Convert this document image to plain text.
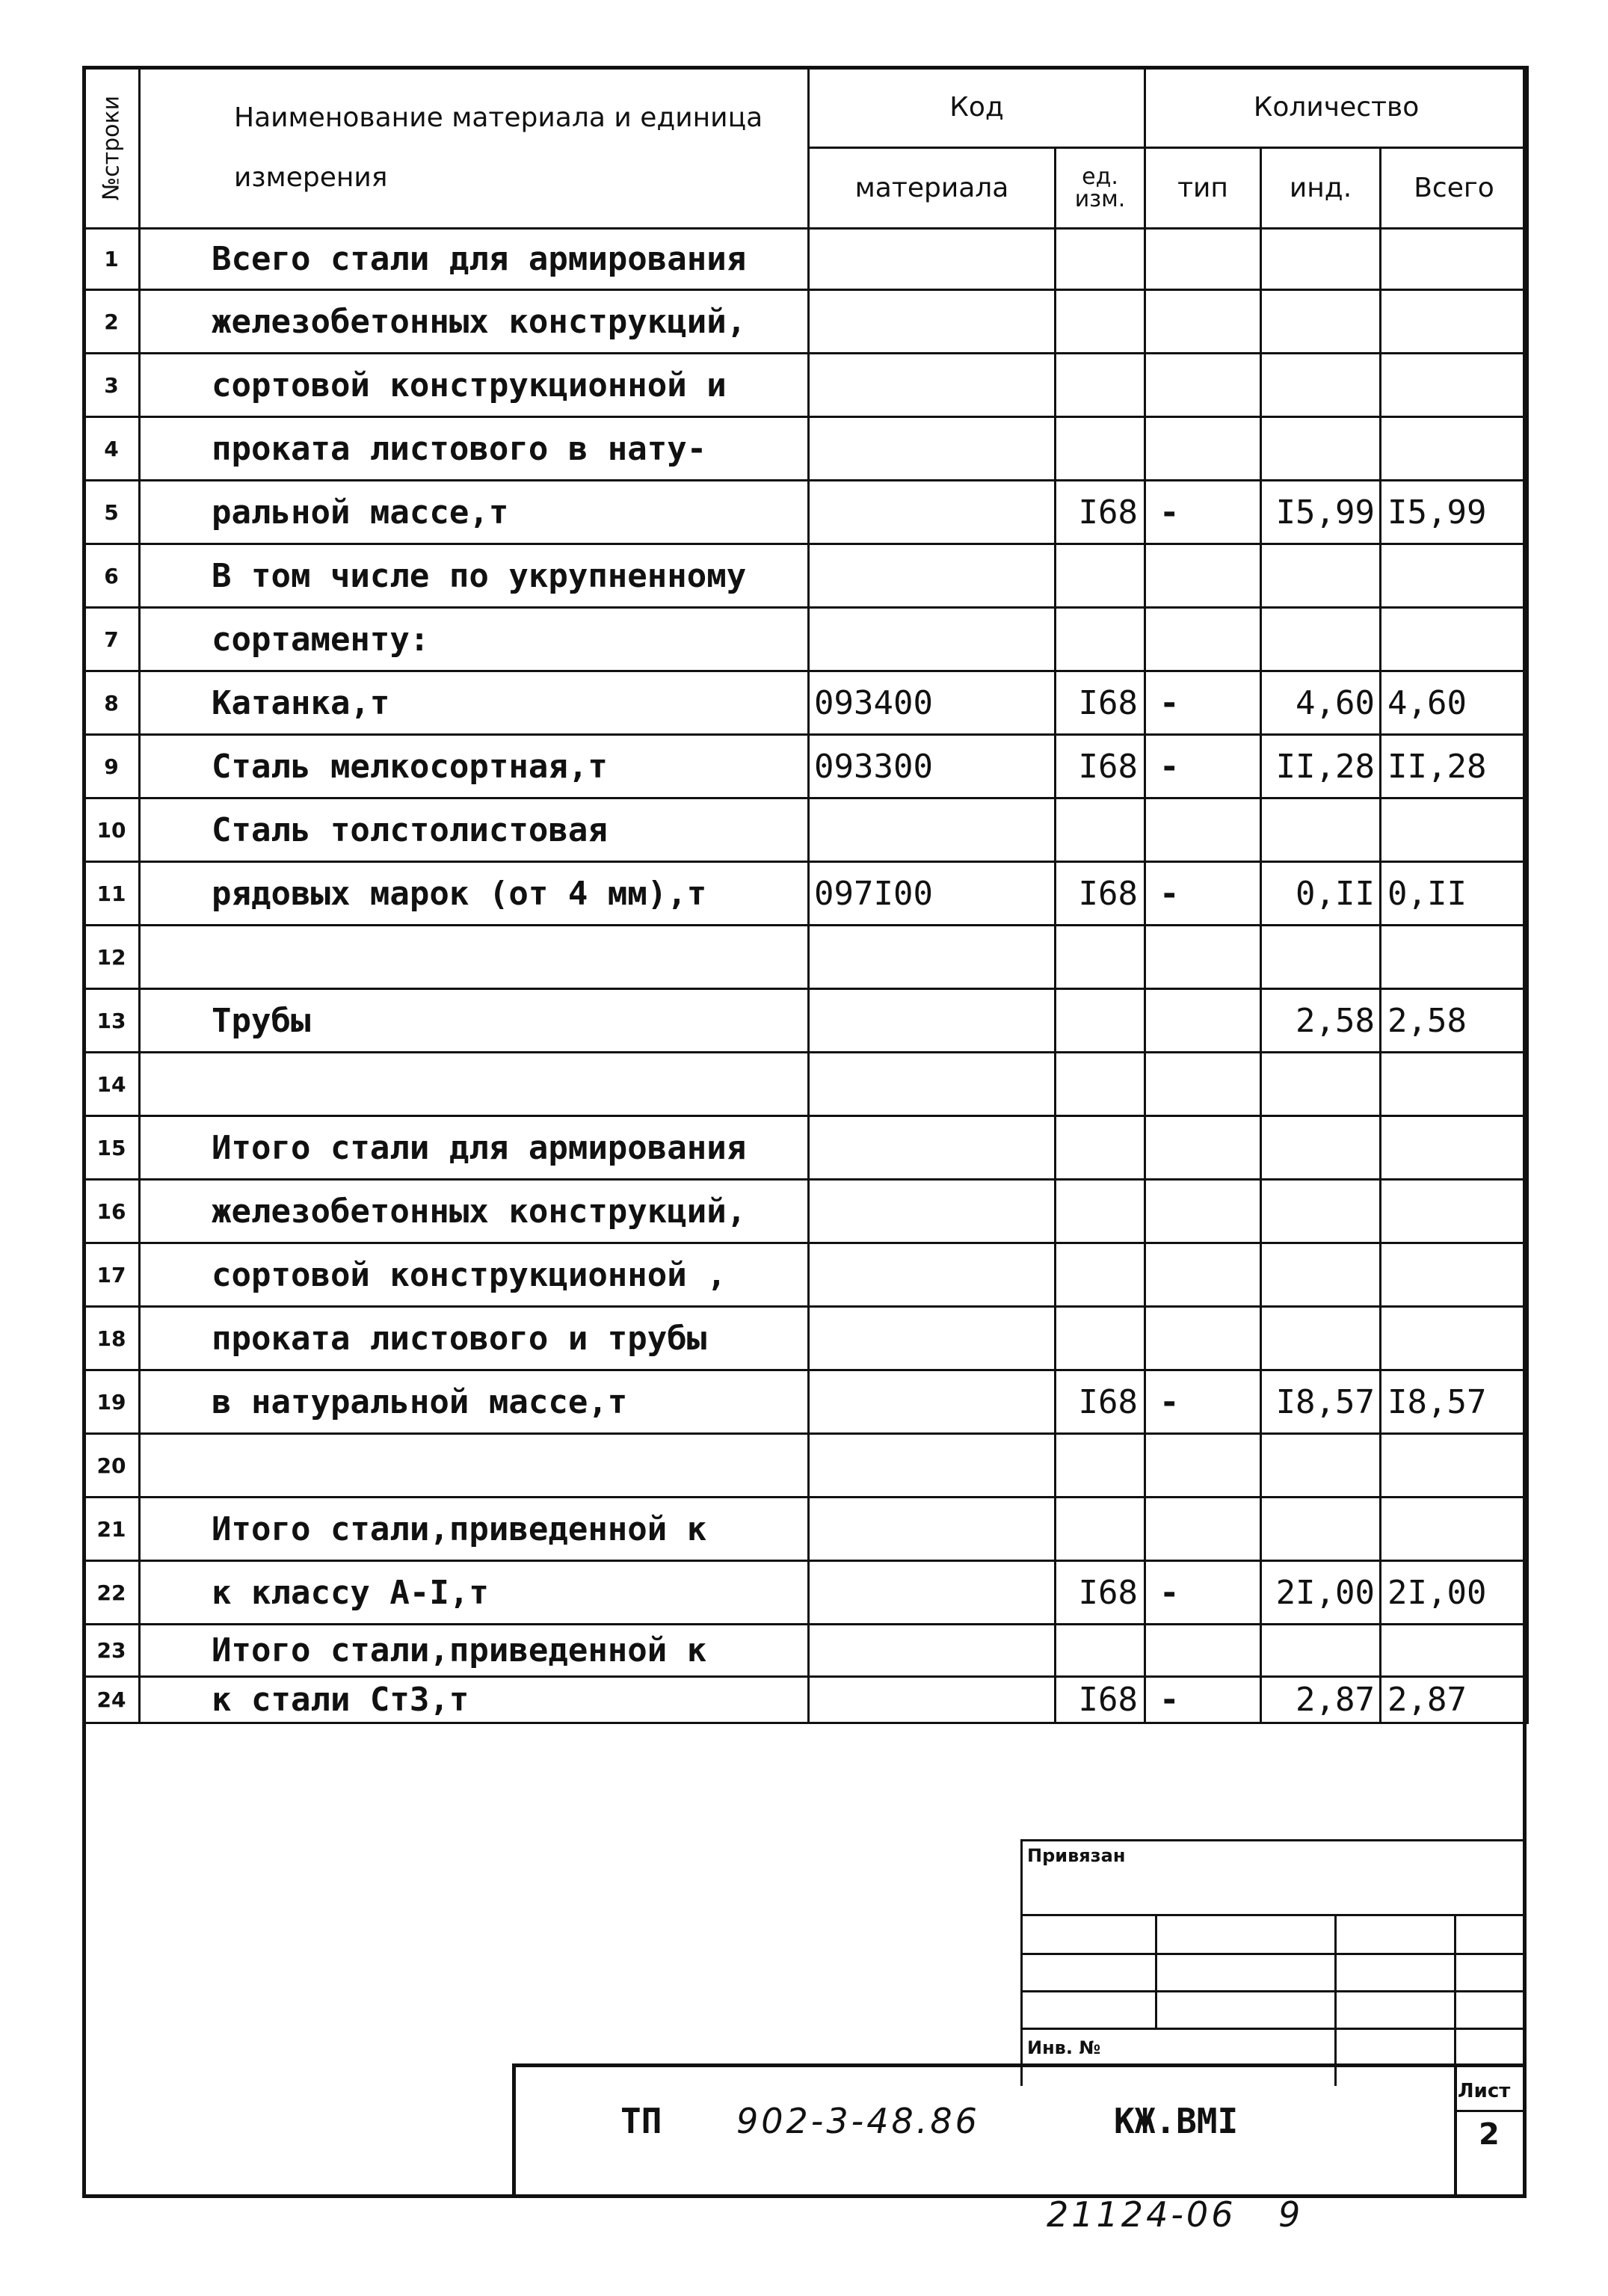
№строки	Наименование материала и единица измерения	Код		Количество		
		материала	ед. изм.	тип	инд.	Всего
1	Всего стали для армирования					
2	железобетонных конструкций,					
3	сортовой конструкционной и					
4	проката листового в нату-					
5	ральной массе,т		I68	-	I5,99	I5,99
6	В том числе по укрупненному					
7	сортаменту:					
8	Катанка,т	093400	I68	-	4,60	4,60
9	Сталь мелкосортная,т	093300	I68	-	II,28	II,28
10	Сталь толстолистовая					
11	рядовых марок (от 4 мм),т	097I00	I68	-	0,II	0,II
12						
13	Трубы				2,58	2,58
14						
15	Итого стали для армирования					
16	железобетонных конструкций,					
17	сортовой конструкционной ,					
18	проката листового и трубы					
19	в натуральной массе,т		I68	-	I8,57	I8,57
20						
21	Итого стали,приведенной к					
22	к классу А-I,т		I68	-	2I,00	2I,00
23	Итого стали,приведенной к					
24	к стали Ст3,т		I68	-	2,87	2,87
Привязан
Инв. №
Лист
2
ТП 902-3-48.86	КЖ.ВМI
21124-06 9
